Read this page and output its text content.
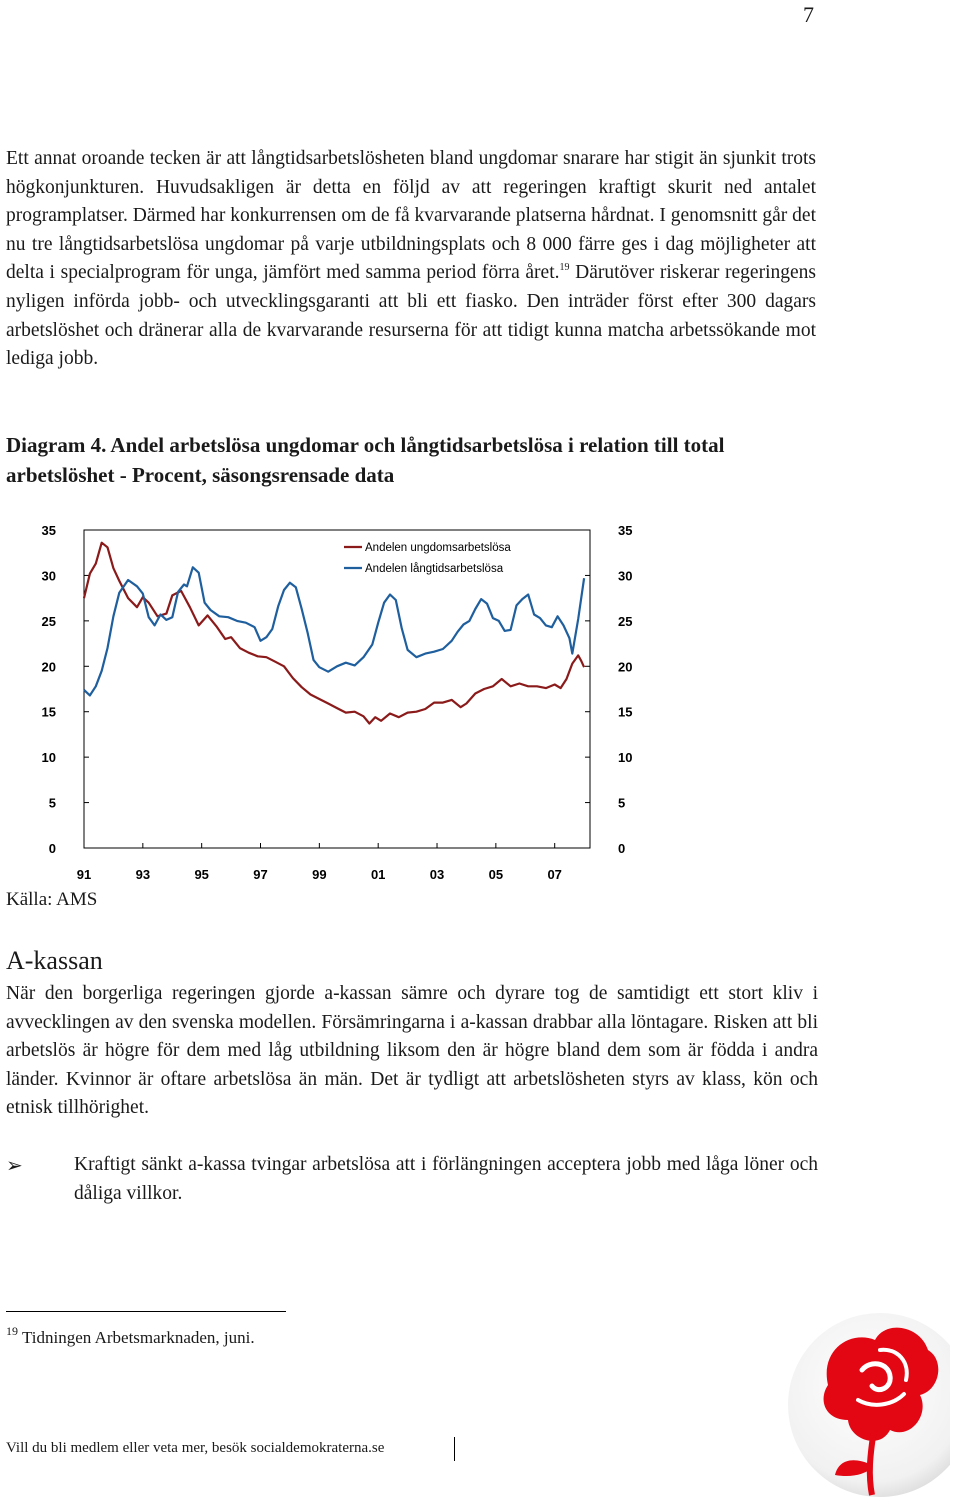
7
Ett annat oroande tecken är att långtidsarbetslösheten bland ungdomar snarare har stigit än sjunkit trots högkonjunkturen. Huvudsakligen är detta en följd av att regeringen kraftigt skurit ned antalet programplatser. Därmed har konkurrensen om de få kvarvarande platserna hårdnat. I genomsnitt går det nu tre långtidsarbetslösa ungdomar på varje utbildningsplats och 8 000 färre ges i dag möjligheter att delta i specialprogram för unga, jämfört med samma period förra året.$^{19}$ Därutöver riskerar regeringens nyligen införda jobb- och utvecklingsgaranti att bli ett fiasko. Den inträder först efter 300 dagars arbetslöshet och dränerar alla de kvarvarande resurserna för att tidigt kunna matcha arbetssökande mot lediga jobb.
Diagram 4. Andel arbetslösa ungdomar och långtidsarbetslösa i relation till total arbetslöshet - Procent, säsongsrensade data
0	0
5	5
10	10
15	15
20	20
25	25
30	30
35	35
91	93	95	97	99	01	03	05	07
Andelen ungdomsarbetslösa
Andelen långtidsarbetslösa
Källa: AMS
A-kassan
När den borgerliga regeringen gjorde a-kassan sämre och dyrare tog de samtidigt ett stort kliv i avvecklingen av den svenska modellen. Försämringarna i a-kassan drabbar alla löntagare. Risken att bli arbetslös är högre för dem med låg utbildning liksom den är högre bland dem som är födda i andra länder. Kvinnor är oftare arbetslösa än män. Det är tydligt att arbetslösheten styrs av klass, kön och etnisk tillhörighet.
➢	Kraftigt sänkt a-kassa tvingar arbetslösa att i förlängningen acceptera jobb med låga löner och dåliga villkor.
$^{19}$ Tidningen Arbetsmarknaden, juni.
Vill du bli medlem eller veta mer, besök socialdemokraterna.se
